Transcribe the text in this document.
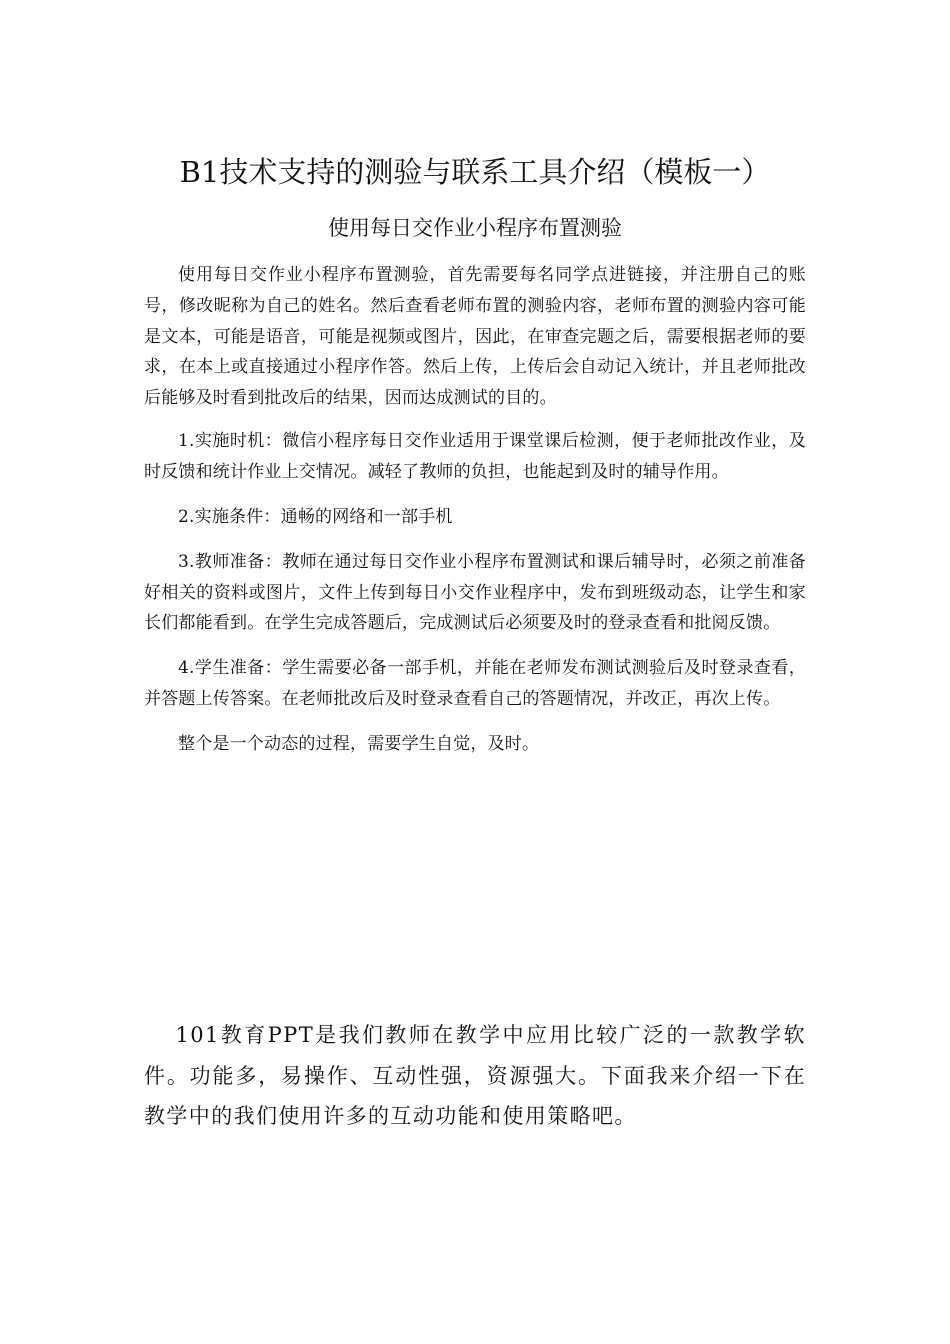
B1技术支持的测验与联系工具介绍（模板一）
使用每日交作业小程序布置测验

使用每日交作业小程序布置测验，首先需要每名同学点进链接，并注册自己的账号，修改昵称为自己的姓名。然后查看老师布置的测验内容，老师布置的测验内容可能是文本，可能是语音，可能是视频或图片，因此，在审查完题之后，需要根据老师的要求，在本上或直接通过小程序作答。然后上传，上传后会自动记入统计，并且老师批改后能够及时看到批改后的结果，因而达成测试的目的。

1.实施时机：微信小程序每日交作业适用于课堂课后检测，便于老师批改作业，及时反馈和统计作业上交情况。减轻了教师的负担，也能起到及时的辅导作用。

2.实施条件：通畅的网络和一部手机

3.教师准备：教师在通过每日交作业小程序布置测试和课后辅导时，必须之前准备好相关的资料或图片，文件上传到每日小交作业程序中，发布到班级动态，让学生和家长们都能看到。在学生完成答题后，完成测试后必须要及时的登录查看和批阅反馈。

4.学生准备：学生需要必备一部手机，并能在老师发布测试测验后及时登录查看，并答题上传答案。在老师批改后及时登录查看自己的答题情况，并改正，再次上传。

整个是一个动态的过程，需要学生自觉，及时。

101教育PPT是我们教师在教学中应用比较广泛的一款教学软件。功能多，易操作、互动性强，资源强大。下面我来介绍一下在教学中的我们使用许多的互动功能和使用策略吧。
